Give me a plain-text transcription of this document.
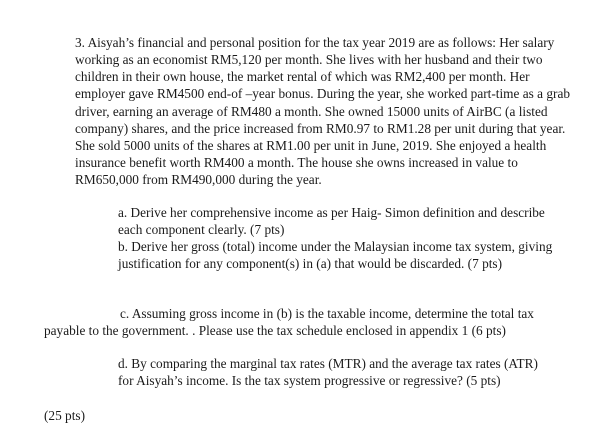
3. Aisyah’s financial and personal position for the tax year 2019 are as follows: Her salary working as an economist RM5,120 per month. She lives with her husband and their two children in their own house, the market rental of which was RM2,400 per month. Her employer gave RM4500 end-of –year bonus. During the year, she worked part-time as a grab driver, earning an average of RM480 a month. She owned 15000 units of AirBC (a listed company) shares, and the price increased from RM0.97 to RM1.28 per unit during that year. She sold 5000 units of the shares at RM1.00 per unit in June, 2019. She enjoyed a health insurance benefit worth RM400 a month. The house she owns increased in value to RM650,000 from RM490,000 during the year.

a. Derive her comprehensive income as per Haig- Simon definition and describe each component clearly. (7 pts)

b. Derive her gross (total) income under the Malaysian income tax system, giving justification for any component(s) in (a) that would be discarded. (7 pts)

c. Assuming gross income in (b) is the taxable income, determine the total tax payable to the government. . Please use the tax schedule enclosed in appendix 1 (6 pts)

d. By comparing the marginal tax rates (MTR) and the average tax rates (ATR) for Aisyah’s income. Is the tax system progressive or regressive? (5 pts)

(25 pts)
